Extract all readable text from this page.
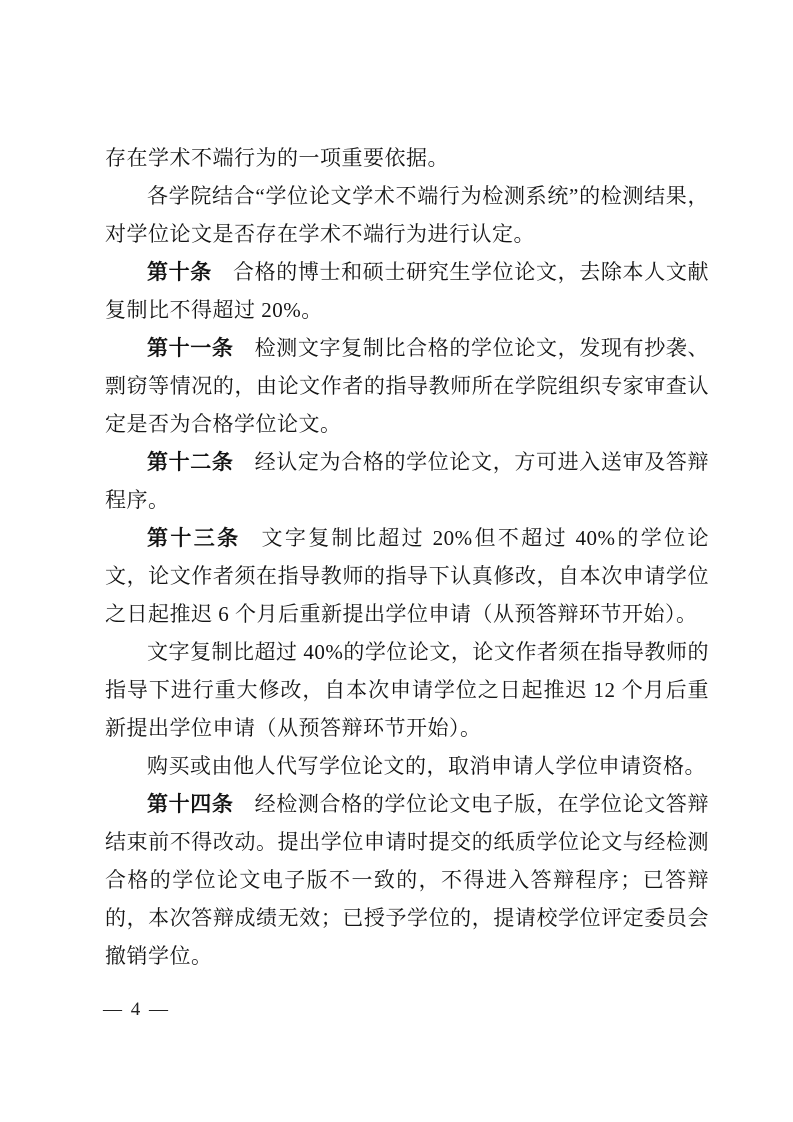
存在学术不端行为的一项重要依据。

各学院结合“学位论文学术不端行为检测系统”的检测结果，对学位论文是否存在学术不端行为进行认定。

第十条 合格的博士和硕士研究生学位论文，去除本人文献复制比不得超过 20%。

第十一条 检测文字复制比合格的学位论文，发现有抄袭、剽窃等情况的，由论文作者的指导教师所在学院组织专家审查认定是否为合格学位论文。

第十二条 经认定为合格的学位论文，方可进入送审及答辩程序。

第十三条 文字复制比超过 20%但不超过 40%的学位论文，论文作者须在指导教师的指导下认真修改，自本次申请学位之日起推迟 6 个月后重新提出学位申请（从预答辩环节开始）。

文字复制比超过 40%的学位论文，论文作者须在指导教师的指导下进行重大修改，自本次申请学位之日起推迟 12 个月后重新提出学位申请（从预答辩环节开始）。

购买或由他人代写学位论文的，取消申请人学位申请资格。

第十四条 经检测合格的学位论文电子版，在学位论文答辩结束前不得改动。提出学位申请时提交的纸质学位论文与经检测合格的学位论文电子版不一致的，不得进入答辩程序；已答辩的，本次答辩成绩无效；已授予学位的，提请校学位评定委员会撤销学位。

— 4 —
